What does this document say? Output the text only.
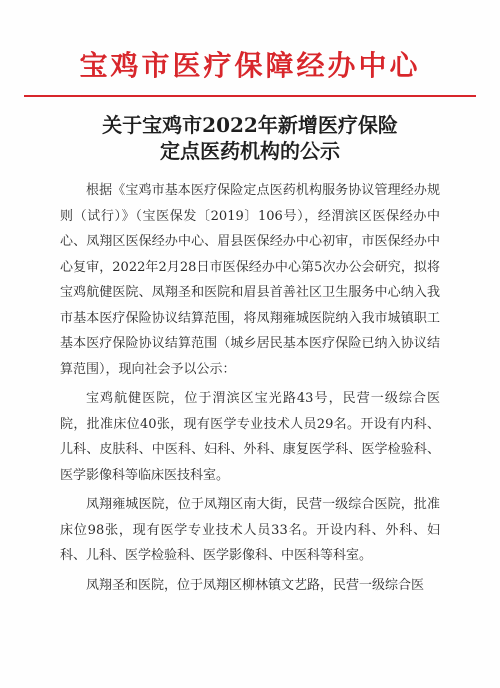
宝鸡市医疗保障经办中心
关于宝鸡市2022年新增医疗保险
定点医药机构的公示

根据《宝鸡市基本医疗保险定点医药机构服务协议管理经办规则（试行）》（宝医保发〔2019〕106号），经渭滨区医保经办中心、凤翔区医保经办中心、眉县医保经办中心初审，市医保经办中心复审，2022年2月28日市医保经办中心第5次办公会研究，拟将宝鸡航健医院、凤翔圣和医院和眉县首善社区卫生服务中心纳入我市基本医疗保险协议结算范围，将凤翔雍城医院纳入我市城镇职工基本医疗保险协议结算范围（城乡居民基本医疗保险已纳入协议结算范围），现向社会予以公示：

宝鸡航健医院，位于渭滨区宝光路43号，民营一级综合医院，批准床位40张，现有医学专业技术人员29名。开设有内科、儿科、皮肤科、中医科、妇科、外科、康复医学科、医学检验科、医学影像科等临床医技科室。

凤翔雍城医院，位于凤翔区南大街，民营一级综合医院，批准床位98张，现有医学专业技术人员33名。开设内科、外科、妇科、儿科、医学检验科、医学影像科、中医科等科室。

凤翔圣和医院，位于凤翔区柳林镇文艺路，民营一级综合医
